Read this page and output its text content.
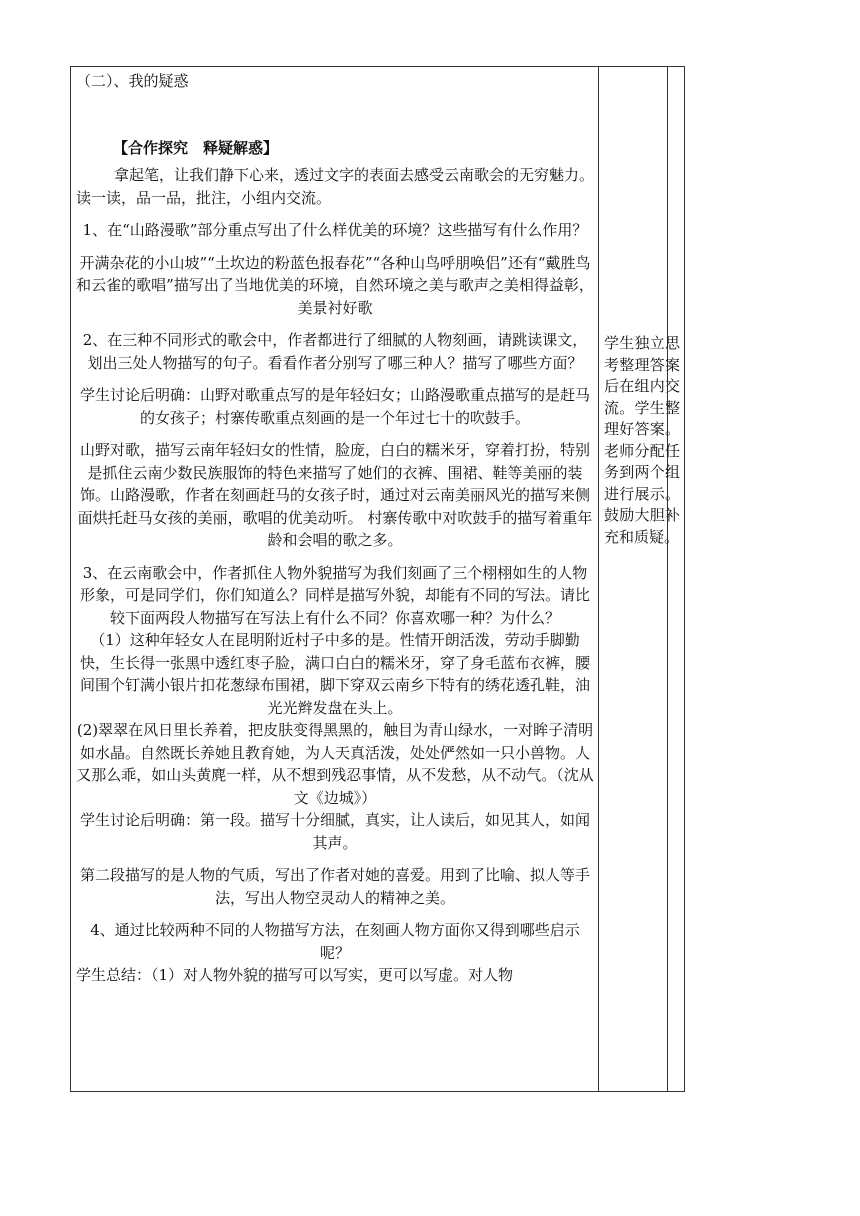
（二）、我的疑惑

【合作探究　释疑解惑】

拿起笔，让我们静下心来，透过文字的表面去感受云南歌会的无穷魅力。读一读，品一品，批注，小组内交流。

1、在“山路漫歌”部分重点写出了什么样优美的环境？这些描写有什么作用？

开满杂花的小山坡”“土坎边的粉蓝色报春花”“各种山鸟呼朋唤侣”还有“戴胜鸟和云雀的歌唱”描写出了当地优美的环境，自然环境之美与歌声之美相得益彰，美景衬好歌

2、在三种不同形式的歌会中，作者都进行了细腻的人物刻画，请跳读课文，划出三处人物描写的句子。看看作者分别写了哪三种人？描写了哪些方面？

学生讨论后明确：山野对歌重点写的是年轻妇女；山路漫歌重点描写的是赶马的女孩子；村寨传歌重点刻画的是一个年过七十的吹鼓手。

山野对歌，描写云南年轻妇女的性情，脸庞，白白的糯米牙，穿着打扮，特别是抓住云南少数民族服饰的特色来描写了她们的衣裤、围裙、鞋等美丽的装饰。山路漫歌，作者在刻画赶马的女孩子时，通过对云南美丽风光的描写来侧面烘托赶马女孩的美丽，歌唱的优美动听。 村寨传歌中对吹鼓手的描写着重年龄和会唱的歌之多。

3、在云南歌会中，作者抓住人物外貌描写为我们刻画了三个栩栩如生的人物形象，可是同学们，你们知道么？同样是描写外貌，却能有不同的写法。请比较下面两段人物描写在写法上有什么不同？你喜欢哪一种？为什么？

（1）这种年轻女人在昆明附近村子中多的是。性情开朗活泼，劳动手脚勤快，生长得一张黑中透红枣子脸，满口白白的糯米牙，穿了身毛蓝布衣裤，腰间围个钉满小银片扣花葱绿布围裙，脚下穿双云南乡下特有的绣花透孔鞋，油光光辫发盘在头上。

(2)翠翠在风日里长养着，把皮肤变得黑黑的，触目为青山绿水，一对眸子清明如水晶。自然既长养她且教育她，为人天真活泼，处处俨然如一只小兽物。人又那么乖，如山头黄麂一样，从不想到残忍事情，从不发愁，从不动气。（沈从文《边城》）

学生讨论后明确：第一段。描写十分细腻，真实，让人读后，如见其人，如闻其声。

第二段描写的是人物的气质，写出了作者对她的喜爱。用到了比喻、拟人等手法，写出人物空灵动人的精神之美。

4、通过比较两种不同的人物描写方法，在刻画人物方面你又得到哪些启示呢？

学生总结：（1）对人物外貌的描写可以写实，更可以写虚。对人物

学生独立思考整理答案后在组内交流。学生整理好答案。老师分配任务到两个组进行展示。鼓励大胆补充和质疑。
